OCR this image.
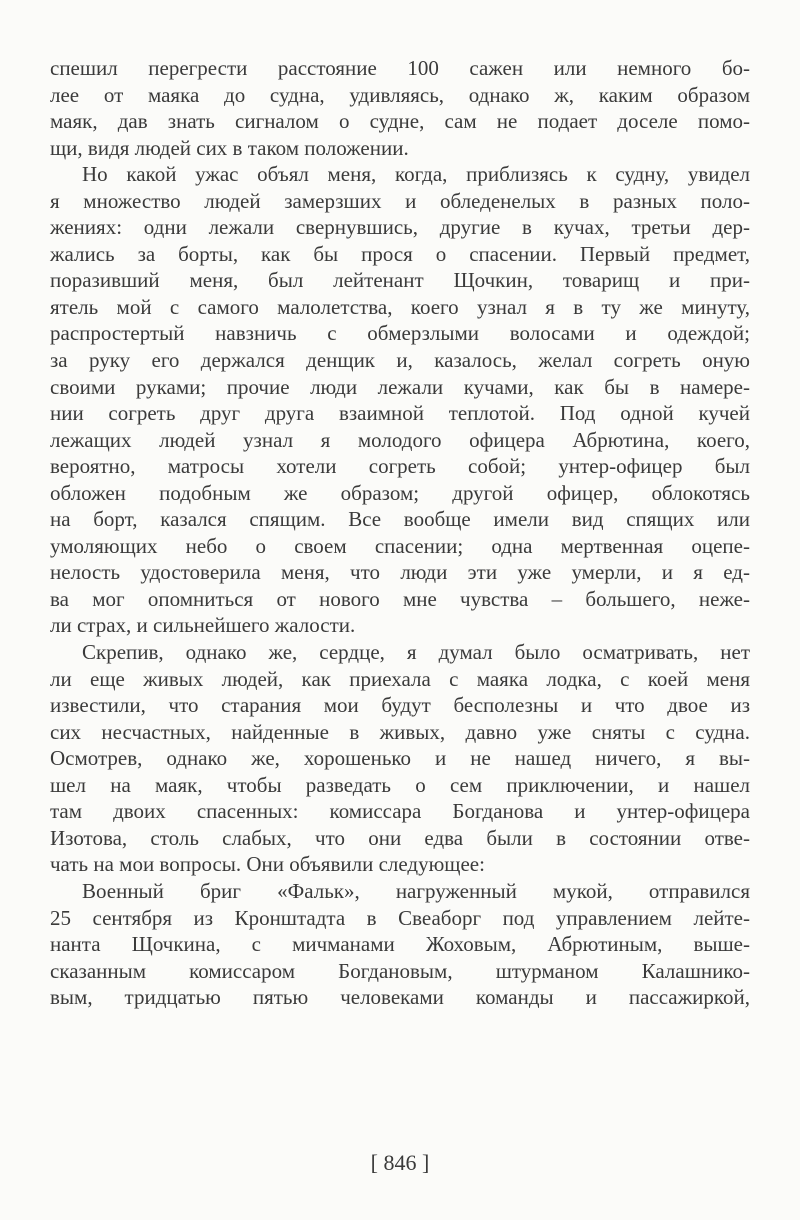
спешил перегрести расстояние 100 сажен или немного бо-
лее от маяка до судна, удивляясь, однако ж, каким образом
маяк, дав знать сигналом о судне, сам не подает доселе помо-
щи, видя людей сих в таком положении.
Но какой ужас объял меня, когда, приблизясь к судну, увидел
я множество людей замерзших и обледенелых в разных поло-
жениях: одни лежали свернувшись, другие в кучах, третьи дер-
жались за борты, как бы прося о спасении. Первый предмет,
поразивший меня, был лейтенант Щочкин, товарищ и при-
ятель мой с самого малолетства, коего узнал я в ту же минуту,
распростертый навзничь с обмерзлыми волосами и одеждой;
за руку его держался денщик и, казалось, желал согреть оную
своими руками; прочие люди лежали кучами, как бы в намере-
нии согреть друг друга взаимной теплотой. Под одной кучей
лежащих людей узнал я молодого офицера Абрютина, коего,
вероятно, матросы хотели согреть собой; унтер-офицер был
обложен подобным же образом; другой офицер, облокотясь
на борт, казался спящим. Все вообще имели вид спящих или
умоляющих небо о своем спасении; одна мертвенная оцепе-
нелость удостоверила меня, что люди эти уже умерли, и я ед-
ва мог опомниться от нового мне чувства – большего, неже-
ли страх, и сильнейшего жалости.
Скрепив, однако же, сердце, я думал было осматривать, нет
ли еще живых людей, как приехала с маяка лодка, с коей меня
известили, что старания мои будут бесполезны и что двое из
сих несчастных, найденные в живых, давно уже сняты с судна.
Осмотрев, однако же, хорошенько и не нашед ничего, я вы-
шел на маяк, чтобы разведать о сем приключении, и нашел
там двоих спасенных: комиссара Богданова и унтер-офицера
Изотова, столь слабых, что они едва были в состоянии отве-
чать на мои вопросы. Они объявили следующее:
Военный бриг «Фальк», нагруженный мукой, отправился
25 сентября из Кронштадта в Свеаборг под управлением лейте-
нанта Щочкина, с мичманами Жоховым, Абрютиным, выше-
сказанным комиссаром Богдановым, штурманом Калашнико-
вым, тридцатью пятью человеками команды и пассажиркой,
[ 846 ]
